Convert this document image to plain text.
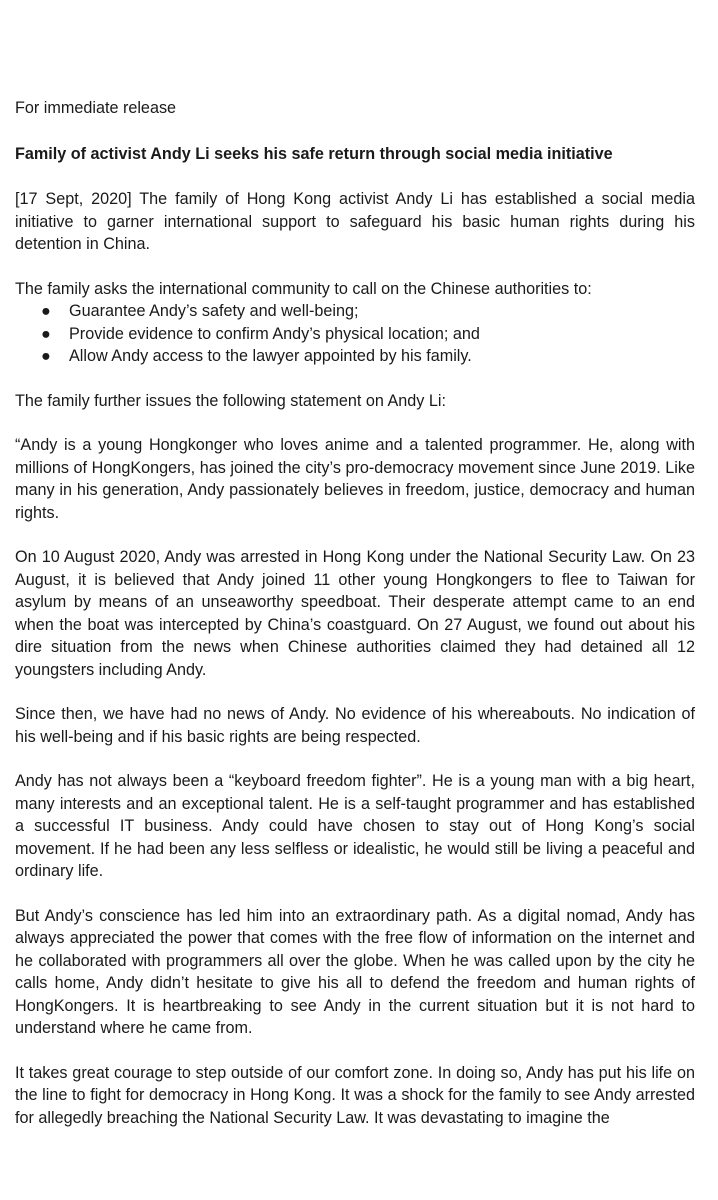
For immediate release

Family of activist Andy Li seeks his safe return through social media initiative

[17 Sept, 2020] The family of Hong Kong activist Andy Li has established a social media initiative to garner international support to safeguard his basic human rights during his detention in China.

The family asks the international community to call on the Chinese authorities to:

● Guarantee Andy’s safety and well-being;
● Provide evidence to confirm Andy’s physical location; and
● Allow Andy access to the lawyer appointed by his family.

The family further issues the following statement on Andy Li:

“Andy is a young Hongkonger who loves anime and a talented programmer. He, along with millions of HongKongers, has joined the city’s pro-democracy movement since June 2019. Like many in his generation, Andy passionately believes in freedom, justice, democracy and human rights.

On 10 August 2020, Andy was arrested in Hong Kong under the National Security Law. On 23 August, it is believed that Andy joined 11 other young Hongkongers to flee to Taiwan for asylum by means of an unseaworthy speedboat. Their desperate attempt came to an end when the boat was intercepted by China’s coastguard. On 27 August, we found out about his dire situation from the news when Chinese authorities claimed they had detained all 12 youngsters including Andy.

Since then, we have had no news of Andy. No evidence of his whereabouts. No indication of his well-being and if his basic rights are being respected.

Andy has not always been a “keyboard freedom fighter”. He is a young man with a big heart, many interests and an exceptional talent. He is a self-taught programmer and has established a successful IT business. Andy could have chosen to stay out of Hong Kong’s social movement. If he had been any less selfless or idealistic, he would still be living a peaceful and ordinary life.

But Andy’s conscience has led him into an extraordinary path. As a digital nomad, Andy has always appreciated the power that comes with the free flow of information on the internet and he collaborated with programmers all over the globe. When he was called upon by the city he calls home, Andy didn’t hesitate to give his all to defend the freedom and human rights of HongKongers. It is heartbreaking to see Andy in the current situation but it is not hard to understand where he came from.

It takes great courage to step outside of our comfort zone. In doing so, Andy has put his life on the line to fight for democracy in Hong Kong. It was a shock for the family to see Andy arrested for allegedly breaching the National Security Law. It was devastating to imagine the
